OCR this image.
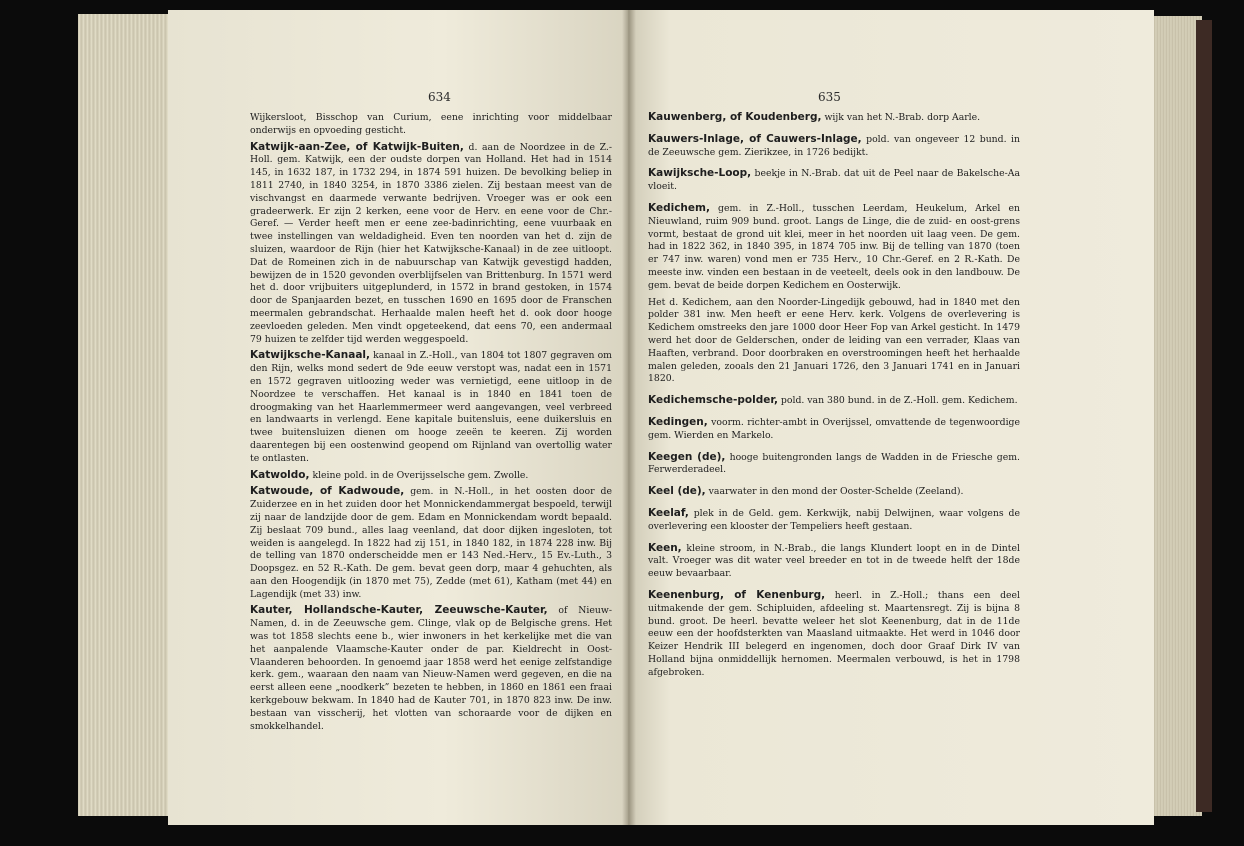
634

Wijkersloot, Bisschop van Curium, eene inrichting voor middelbaar onderwijs en opvoeding gesticht.

Katwijk-aan-Zee, of Katwijk-Buiten, d. aan de Noordzee in de Z.-Holl. gem. Katwijk, een der oudste dorpen van Holland. Het had in 1514 145, in 1632 187, in 1732 294, in 1874 591 huizen. De bevolking beliep in 1811 2740, in 1840 3254, in 1870 3386 zielen. Zij bestaan meest van de vischvangst en daarmede verwante bedrijven. Vroeger was er ook een gradeerwerk. Er zijn 2 kerken, eene voor de Herv. en eene voor de Chr.-Geref. — Verder heeft men er eene zee-badinrichting, eene vuurbaak en twee instellingen van weldadigheid. Even ten noorden van het d. zijn de sluizen, waardoor de Rijn (hier het Katwijksche-Kanaal) in de zee uitloopt. Dat de Romeinen zich in de nabuurschap van Katwijk gevestigd hadden, bewijzen de in 1520 gevonden overblijfselen van Brittenburg. In 1571 werd het d. door vrijbuiters uitgeplunderd, in 1572 in brand gestoken, in 1574 door de Spanjaarden bezet, en tusschen 1690 en 1695 door de Franschen meermalen gebrandschat. Herhaalde malen heeft het d. ook door hooge zeevloeden geleden. Men vindt opgeteekend, dat eens 70, een andermaal 79 huizen te zelfder tijd werden weggespoeld.

Katwijksche-Kanaal, kanaal in Z.-Holl., van 1804 tot 1807 gegraven om den Rijn, welks mond sedert de 9de eeuw verstopt was, nadat een in 1571 en 1572 gegraven uitloozing weder was vernietigd, eene uitloop in de Noordzee te verschaffen. Het kanaal is in 1840 en 1841 toen de droogmaking van het Haarlemmermeer werd aangevangen, veel verbreed en landwaarts in verlengd. Eene kapitale buitensluis, eene duikersluis en twee buitensluizen dienen om hooge zeeën te keeren. Zij worden daarentegen bij een oostenwind geopend om Rijnland van overtollig water te ontlasten.

Katwoldo, kleine pold. in de Overijsselsche gem. Zwolle.

Katwoude, of Kadwoude, gem. in N.-Holl., in het oosten door de Zuiderzee en in het zuiden door het Monnickendammergat bespoeld, terwijl zij naar de landzijde door de gem. Edam en Monnickendam wordt bepaald. Zij beslaat 709 bund., alles laag veenland, dat door dijken ingesloten, tot weiden is aangelegd. In 1822 had zij 151, in 1840 182, in 1874 228 inw. Bij de telling van 1870 onderscheidde men er 143 Ned.-Herv., 15 Ev.-Luth., 3 Doopsgez. en 52 R.-Kath. De gem. bevat geen dorp, maar 4 gehuchten, als aan den Hoogendijk (in 1870 met 75), Zedde (met 61), Katham (met 44) en Lagendijk (met 33) inw.

Kauter, Hollandsche-Kauter, Zeeuwsche-Kauter, of Nieuw-Namen, d. in de Zeeuwsche gem. Clinge, vlak op de Belgische grens. Het was tot 1858 slechts eene b., wier inwoners in het kerkelijke met die van het aanpalende Vlaamsche-Kauter onder de par. Kieldrecht in Oost-Vlaanderen behoorden. In genoemd jaar 1858 werd het eenige zelfstandige kerk. gem., waaraan den naam van Nieuw-Namen werd gegeven, en die na eerst alleen eene „noodkerk” bezeten te hebben, in 1860 en 1861 een fraai kerkgebouw bekwam. In 1840 had de Kauter 701, in 1870 823 inw. De inw. bestaan van visscherij, het vlotten van schoraarde voor de dijken en smokkelhandel.

635

Kauwenberg, of Koudenberg, wijk van het N.-Brab. dorp Aarle.

Kauwers-Inlage, of Cauwers-Inlage, pold. van ongeveer 12 bund. in de Zeeuwsche gem. Zierikzee, in 1726 bedijkt.

Kawijksche-Loop, beekje in N.-Brab. dat uit de Peel naar de Bakelsche-Aa vloeit.

Kedichem, gem. in Z.-Holl., tusschen Leerdam, Heukelum, Arkel en Nieuwland, ruim 909 bund. groot. Langs de Linge, die de zuid- en oost-grens vormt, bestaat de grond uit klei, meer in het noorden uit laag veen. De gem. had in 1822 362, in 1840 395, in 1874 705 inw. Bij de telling van 1870 (toen er 747 inw. waren) vond men er 735 Herv., 10 Chr.-Geref. en 2 R.-Kath. De meeste inw. vinden een bestaan in de veeteelt, deels ook in den landbouw. De gem. bevat de beide dorpen Kedichem en Oosterwijk.

Het d. Kedichem, aan den Noorder-Lingedijk gebouwd, had in 1840 met den polder 381 inw. Men heeft er eene Herv. kerk. Volgens de overlevering is Kedichem omstreeks den jare 1000 door Heer Fop van Arkel gesticht. In 1479 werd het door de Gelderschen, onder de leiding van een verrader, Klaas van Haaften, verbrand. Door doorbraken en overstroomingen heeft het herhaalde malen geleden, zooals den 21 Januari 1726, den 3 Januari 1741 en in Januari 1820.

Kedichemsche-polder, pold. van 380 bund. in de Z.-Holl. gem. Kedichem.

Kedingen, voorm. richter-ambt in Overijssel, omvattende de tegenwoordige gem. Wierden en Markelo.

Keegen (de), hooge buitengronden langs de Wadden in de Friesche gem. Ferwerderadeel.

Keel (de), vaarwater in den mond der Ooster-Schelde (Zeeland).

Keelaf, plek in de Geld. gem. Kerkwijk, nabij Delwijnen, waar volgens de overlevering een klooster der Tempeliers heeft gestaan.

Keen, kleine stroom, in N.-Brab., die langs Klundert loopt en in de Dintel valt. Vroeger was dit water veel breeder en tot in de tweede helft der 18de eeuw bevaarbaar.

Keenenburg, of Kenenburg, heerl. in Z.-Holl.; thans een deel uitmakende der gem. Schipluiden, afdeeling st. Maartensregt. Zij is bijna 8 bund. groot. De heerl. bevatte weleer het slot Keenenburg, dat in de 11de eeuw een der hoofdsterkten van Maasland uitmaakte. Het werd in 1046 door Keizer Hendrik III belegerd en ingenomen, doch door Graaf Dirk IV van Holland bijna onmiddellijk hernomen. Meermalen verbouwd, is het in 1798 afgebroken.
